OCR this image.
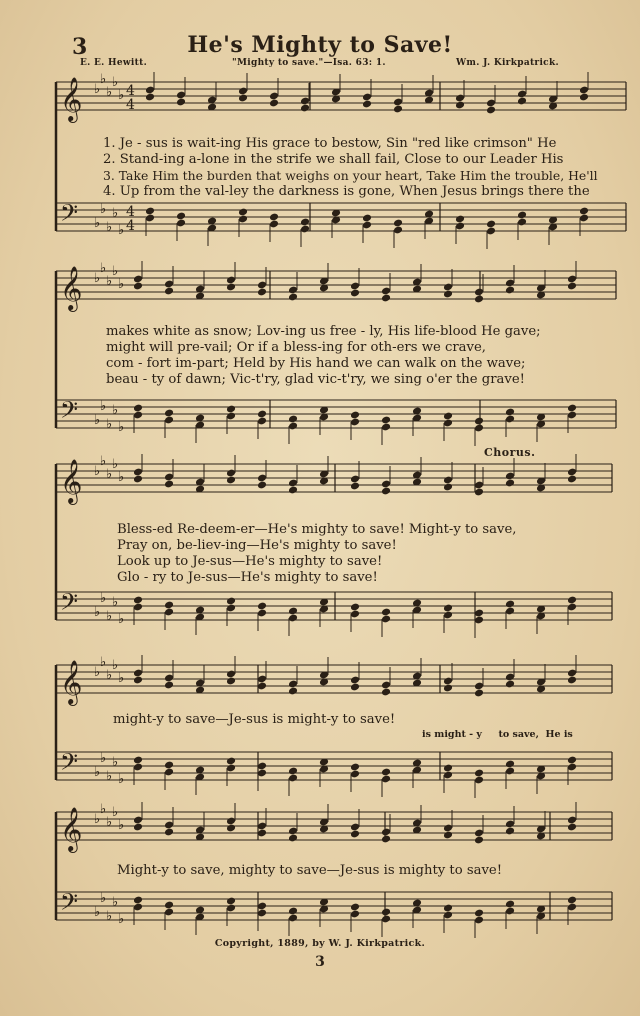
3	He's Mighty to Save!
E. E. Hewitt.	"Mighty to save."—Isa. 63: 1.	Wm. J. Kirkpatrick.
𝄞
𝄢
♭
♭
♭
♭
♭
♭
♭
♭
♭
♭
4
4
4
4
𝄞
𝄢
♭
♭
♭
♭
♭
♭
♭
♭
♭
♭
𝄞
𝄢
♭
♭
♭
♭
♭
♭
♭
♭
♭
♭
𝄞
𝄢
♭
♭
♭
♭
♭
♭
♭
♭
♭
♭
𝄞
𝄢
♭
♭
♭
♭
♭
♭
♭
♭
♭
♭
1. Je - sus is wait-ing His grace to bestow, Sin "red like crimson" He
2. Stand-ing a-lone in the strife we shall fail, Close to our Leader His
3. Take Him the burden that weighs on your heart, Take Him the trouble, He'll
4. Up from the val-ley the darkness is gone, When Jesus brings there the
makes white as snow; Lov-ing us free - ly, His life-blood He gave;
might will pre-vail; Or if a bless-ing for oth-ers we crave,
com - fort im-part; Held by His hand we can walk on the wave;
beau - ty of dawn; Vic-t'ry, glad vic-t'ry, we sing o'er the grave!
Chorus.
Bless-ed Re-deem-er—He's mighty to save! Might-y to save,
Pray on, be-liev-ing—He's mighty to save!
Look up to Je-sus—He's mighty to save!
Glo - ry to Je-sus—He's mighty to save!
might-y to save—Je-sus is might-y to save!
is might - y     to save,  He is
Might-y to save, mighty to save—Je-sus is mighty to save!
Copyright, 1889, by W. J. Kirkpatrick.
3
